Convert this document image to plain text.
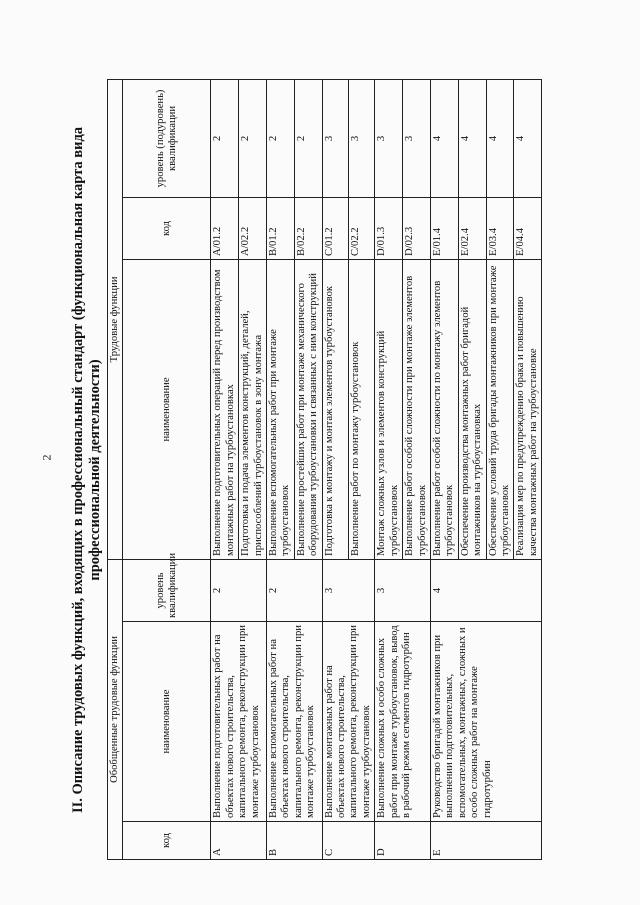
2 II. Описание трудовых функций, входящих в профессиональный стандарт (функциональная карта вида
профессиональной деятельности)

Обобщенные трудовые функции			Трудовые функции		
код	наименование	уровень квалификации	наименование	код	уровень (подуровень) квалификации
A	Выполнение подготовительных работ на объектах нового строительства, капитального ремонта, реконструкции при монтаже турбоустановок	2	Выполнение подготовительных операций перед производством монтажных работ на турбоустановках	A/01.2	2
			Подготовка и подача элементов конструкций, деталей, приспособлений турбоустановок в зону монтажа	A/02.2	2
B	Выполнение вспомогательных работ на объектах нового строительства, капитального ремонта, реконструкции при монтаже турбоустановок	2	Выполнение вспомогательных работ при монтаже турбоустановок	B/01.2	2
			Выполнение простейших работ при монтаже механического оборудования турбоустановки и связанных с ним конструкций	B/02.2	2
C	Выполнение монтажных работ на объектах нового строительства, капитального ремонта, реконструкции при монтаже турбоустановок	3	Подготовка к монтажу и монтаж элементов турбоустановок	C/01.2	3
			Выполнение работ по монтажу турбоустановок	C/02.2	3
D	Выполнение сложных и особо сложных работ при монтаже турбоустановок, вывод в рабочий режим сегментов гидротурбин	3	Монтаж сложных узлов и элементов конструкций турбоустановок	D/01.3	3
			Выполнение работ особой сложности при монтаже элементов турбоустановок	D/02.3	3
E	Руководство бригадой монтажников при выполнении подготовительных, вспомогательных, монтажных, сложных и особо сложных работ на монтаже гидротурбин	4	Выполнение работ особой сложности по монтажу элементов турбоустановок	E/01.4	4
			Обеспечение производства монтажных работ бригадой монтажников на турбоустановках	E/02.4	4
			Обеспечение условий труда бригады монтажников при монтаже турбоустановок	E/03.4	4
			Реализация мер по предупреждению брака и повышению качества монтажных работ на турбоустановке	E/04.4	4
